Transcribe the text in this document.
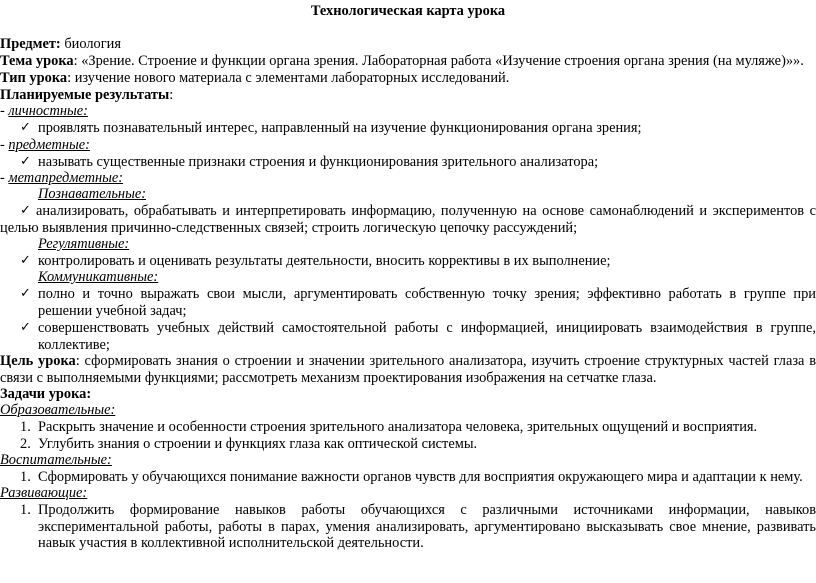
Технологическая карта урока
Предмет: биология
Тема урока: «Зрение. Строение и функции органа зрения. Лабораторная работа «Изучение строения органа зрения (на муляже)»».
Тип урока: изучение нового материала с элементами лабораторных исследований.
Планируемые результаты:
- личностные:
✓ проявлять познавательный интерес, направленный на изучение функционирования органа зрения;
- предметные:
✓ называть существенные признаки строения и функционирования зрительного анализатора;
- метапредметные:
Познавательные:
✓ анализировать, обрабатывать и интерпретировать информацию, полученную на основе самонаблюдений и экспериментов с целью выявления причинно-следственных связей; строить логическую цепочку рассуждений;
Регулятивные:
✓ контролировать и оценивать результаты деятельности, вносить коррективы в их выполнение;
Коммуникативные:
✓ полно и точно выражать свои мысли, аргументировать собственную точку зрения; эффективно работать в группе при решении учебной задач;
✓ совершенствовать учебных действий самостоятельной работы с информацией, инициировать взаимодействия в группе, коллективе;
Цель урока: сформировать знания о строении и значении зрительного анализатора, изучить строение структурных частей глаза в связи с выполняемыми функциями; рассмотреть механизм проектирования изображения на сетчатке глаза.
Задачи урока:
Образовательные:
1. Раскрыть значение и особенности строения зрительного анализатора человека, зрительных ощущений и восприятия.
2. Углубить знания о строении и функциях глаза как оптической системы.
Воспитательные:
1. Сформировать у обучающихся понимание важности органов чувств для восприятия окружающего мира и адаптации к нему.
Развивающие:
1. Продолжить формирование навыков работы обучающихся с различными источниками информации, навыков экспериментальной работы, работы в парах, умения анализировать, аргументировано высказывать свое мнение, развивать навык участия в коллективной исполнительской деятельности.
